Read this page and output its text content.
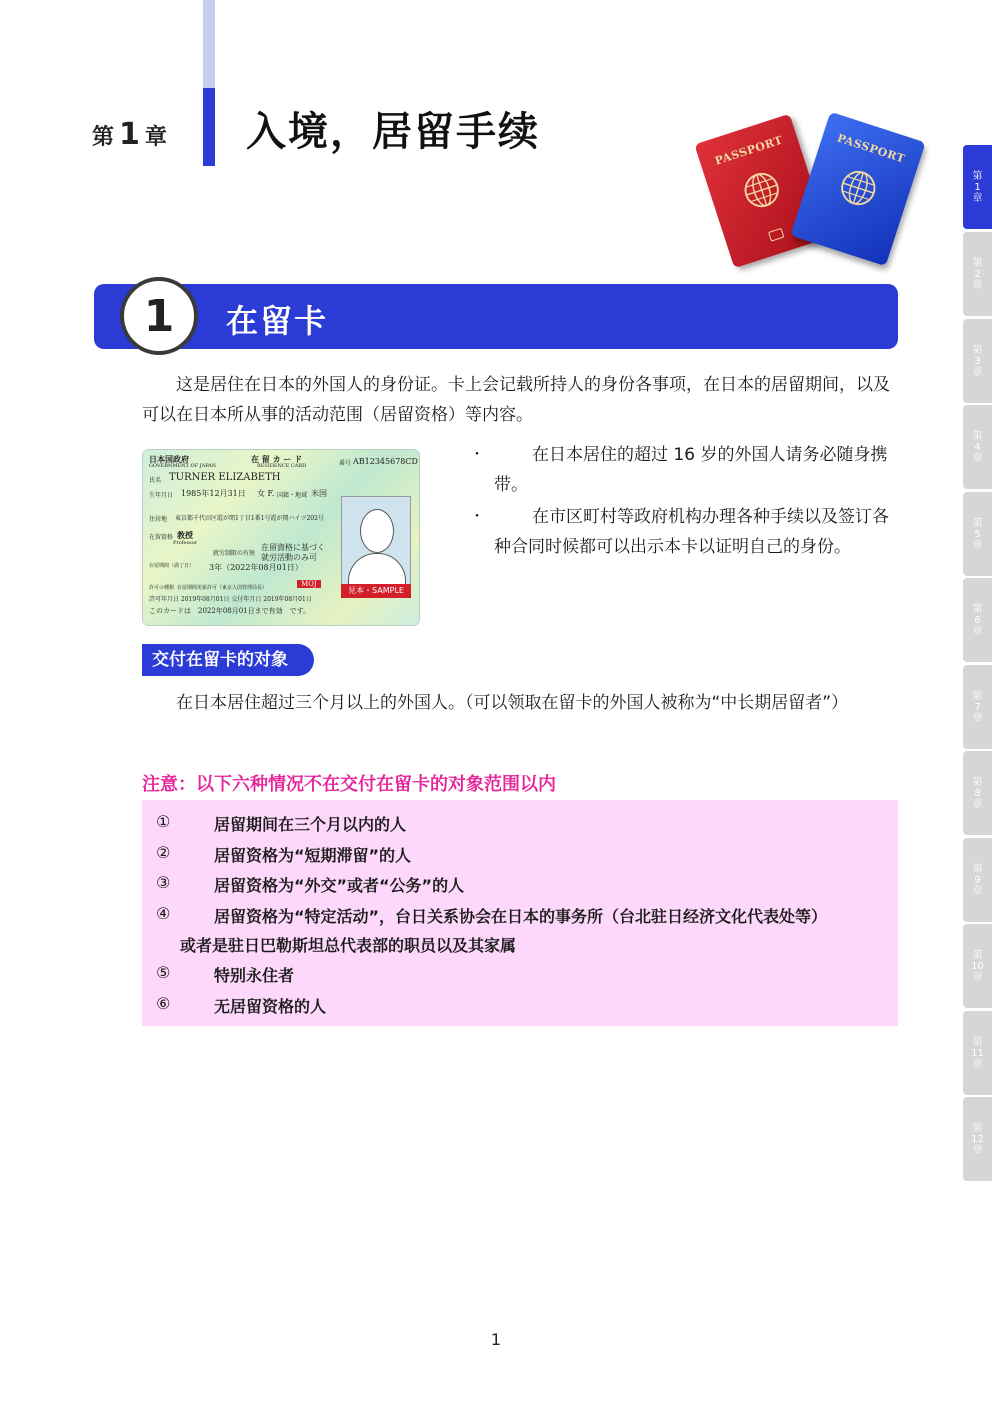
第 1 章 入境，居留手续	PASSPORT	PASSPORT
第
1
章
第
2
章
第
3
章
第
4
章
第
5
章
第
6
章
第
7
章
第
8
章
第
9
章
第
10
章
第
11
章
第
12
章
1	在留卡
这是居住在日本的外国人的身份证。卡上会记载所持人的身份各事项，在日本的居留期间，以及可以在日本所从事的活动范围（居留资格）等内容。
日本国政府
GOVERNMENT OF JAPAN
在 留 カ ー ド
RESIDENCE CARD	番号 AB12345678CD
氏名 TURNER ELIZABETH
生年月日 1985年12月31日 女 F. 国籍・地域 米国
住居地 東京都千代田区霞が関1丁目1番1号霞が関ハイツ202号
在留資格 教授
Professor
就労制限の有無
在留資格に基づく
就労活動のみ可
在留期間（満了日） 3年（2022年08月01日）
MOJ
許可の種類 在留期間更新許可（東京入国管理局長）
許可年月日 2019年08月01日 交付年月日 2019年08月01日
このカードは　2022年08月01日まで有効　です。
見本・SAMPLE
・	在日本居住的超过 16 岁的外国人请务必随身携带。
・	在市区町村等政府机构办理各种手续以及签订各种合同时候都可以出示本卡以证明自己的身份。
交付在留卡的对象
在日本居住超过三个月以上的外国人。（可以领取在留卡的外国人被称为“中长期居留者”）
注意：以下六种情况不在交付在留卡的对象范围以内
①	居留期间在三个月以内的人
②	居留资格为“短期滞留”的人
③	居留资格为“外交”或者“公务”的人
④	居留资格为“特定活动”，台日关系协会在日本的事务所（台北驻日经济文化代表处等）
或者是驻日巴勒斯坦总代表部的职员以及其家属
⑤	特别永住者
⑥	无居留资格的人
1
